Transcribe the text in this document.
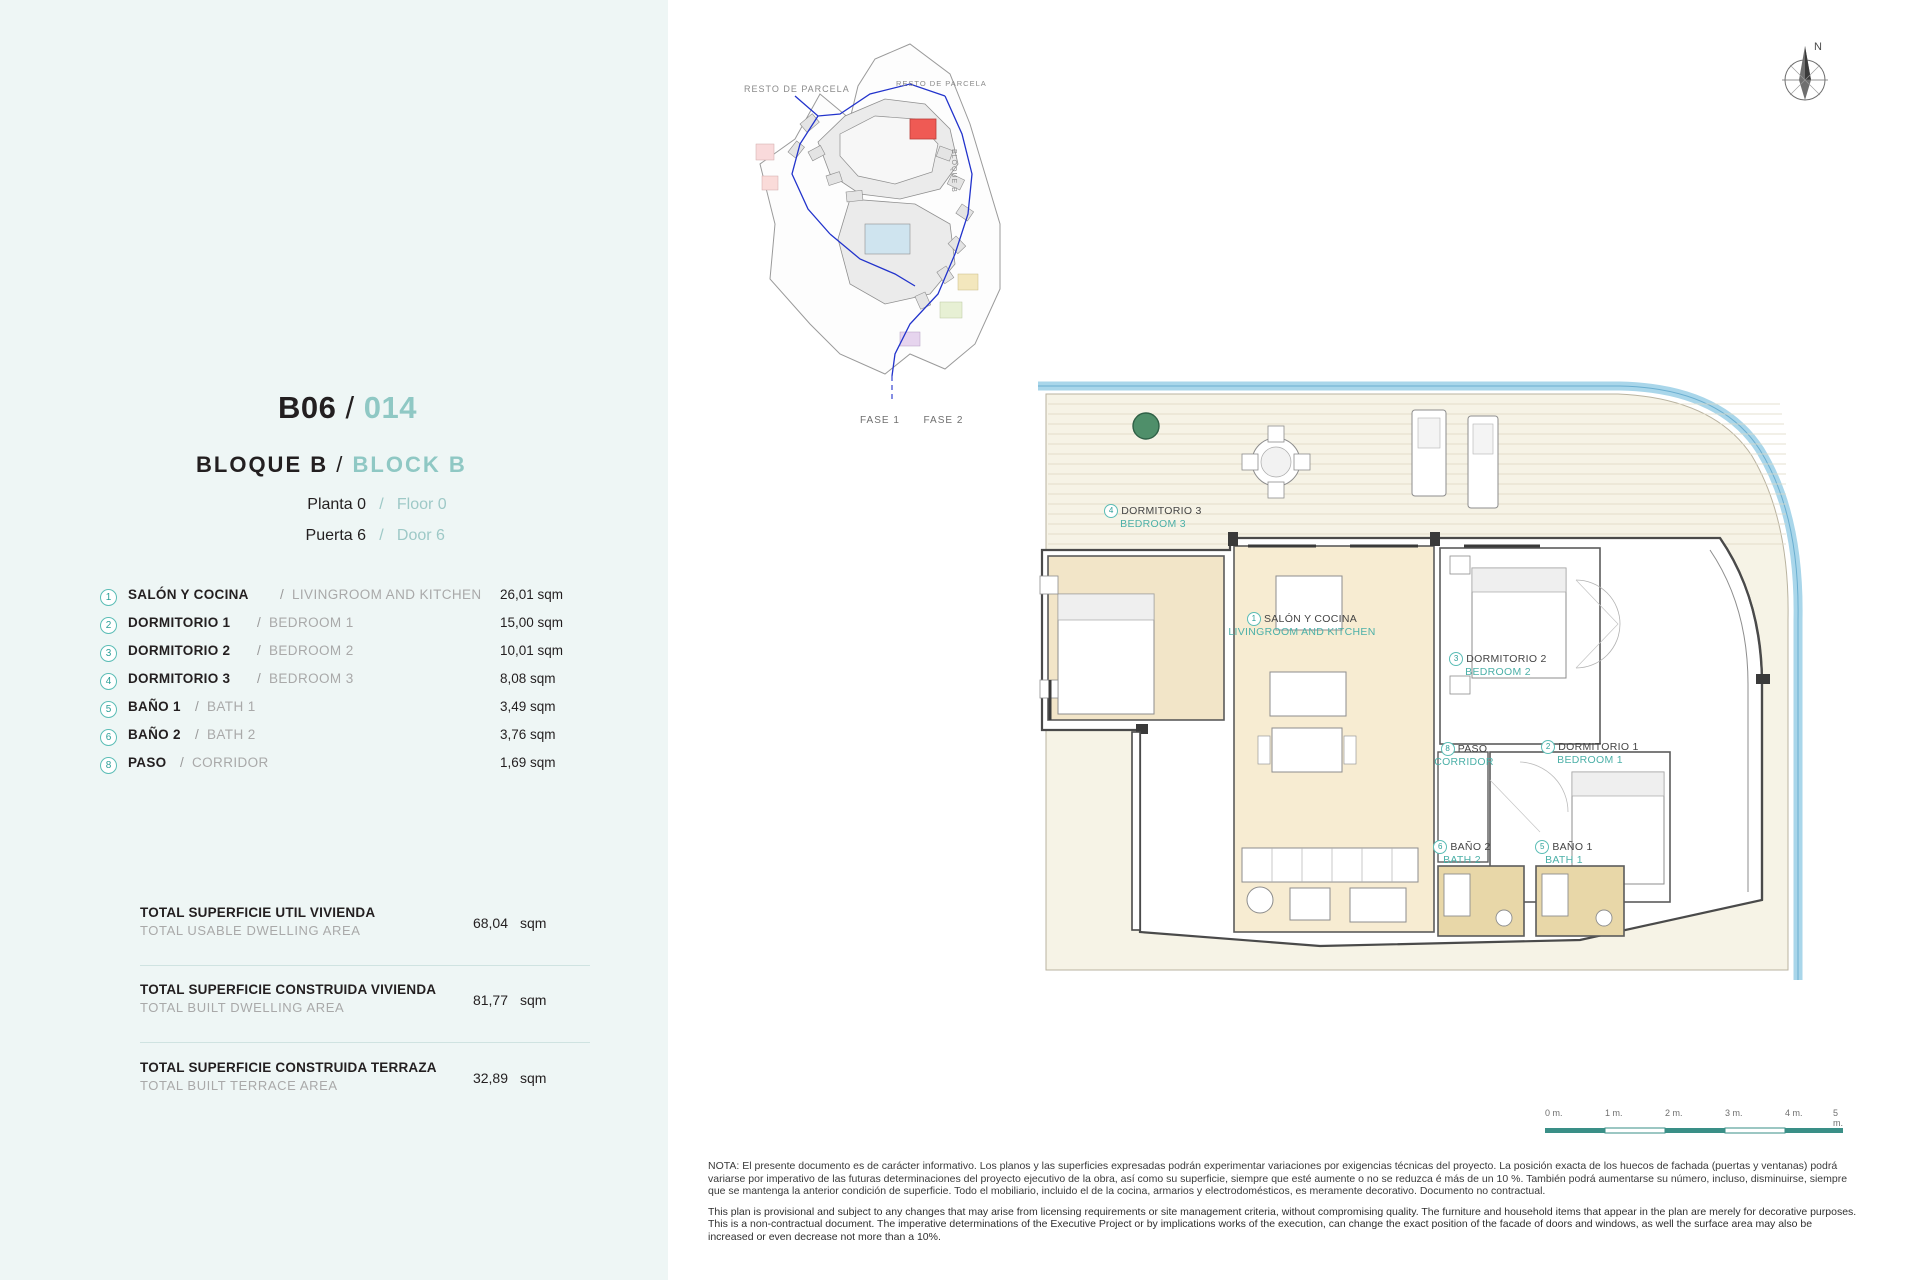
B06 / 014
BLOQUE B / BLOCK B
Planta 0 / Floor 0
Puerta 6 / Door 6
1	SALÓN Y COCINA / LIVINGROOM AND KITCHEN 26,01 sqm
2	DORMITORIO 1 / BEDROOM 1	15,00 sqm
3	DORMITORIO 2 / BEDROOM 2	10,01 sqm
4	DORMITORIO 3 / BEDROOM 3	8,08 sqm
5	BAÑO 1 / BATH 1	3,49 sqm
6	BAÑO 2 / BATH 2	3,76 sqm
8	PASO / CORRIDOR	1,69 sqm
TOTAL SUPERFICIE UTIL VIVIENDA
TOTAL USABLE DWELLING AREA	68,04 sqm
TOTAL SUPERFICIE CONSTRUIDA VIVIENDA
TOTAL BUILT DWELLING AREA	81,77 sqm
TOTAL SUPERFICIE CONSTRUIDA TERRAZA
TOTAL BUILT TERRACE AREA	32,89 sqm
RESTO DE PARCELA
BLOQUE B
RESTO DE PARCELA
FASE 1 FASE 2
N
4 DORMITORIO 3
BEDROOM 3
1 SALÓN Y COCINA
LIVINGROOM AND KITCHEN
3 DORMITORIO 2
BEDROOM 2
2 DORMITORIO 1
BEDROOM 1
8 PASO
CORRIDOR
6 BAÑO 2
BATH 2
5 BAÑO 1
BATH 1
0 m.	1 m.	2 m.	3 m.	4 m.	5 m.

NOTA: El presente documento es de carácter informativo. Los planos y las superficies expresadas podrán experimentar variaciones por exigencias técnicas del proyecto. La posición exacta de los huecos de fachada (puertas y ventanas) podrá variarse por imperativo de las futuras determinaciones del proyecto ejecutivo de la obra, así como su superficie, siempre que esté aumente o no se reduzca é más de un 10 %. También podrá aumentarse su número, incluso, disminuirse, siempre que se mantenga la anterior condición de superficie. Todo el mobiliario, incluido el de la cocina, armarios y electrodomésticos, es meramente decorativo. Documento no contractual.

This plan is provisional and subject to any changes that may arise from licensing requirements or site management criteria, without compromising quality. The furniture and household items that appear in the plan are merely for decorative purposes. This is a non-contractual document. The imperative determinations of the Executive Project or by implications works of the execution, can change the exact position of the facade of doors and windows, as well the surface area may also be increased or even decrease not more than a 10%.
